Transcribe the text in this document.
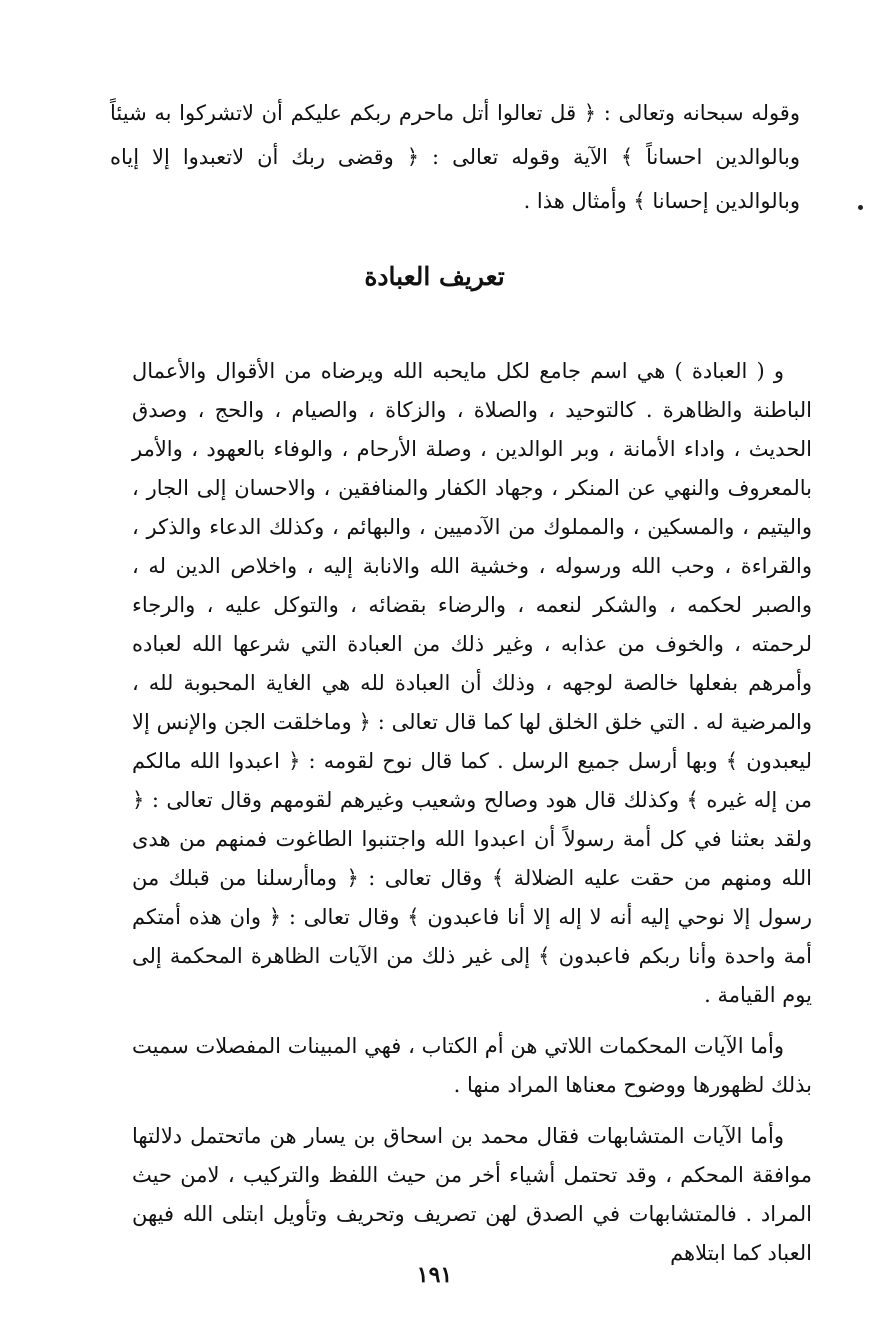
وقوله سبحانه وتعالى : ﴿ قل تعالوا أتل ماحرم ربكم عليكم أن لاتشركوا به شيئاً وبالوالدين احساناً ﴾ الآية وقوله تعالى : ﴿ وقضى ربك أن لاتعبدوا إلا إياه وبالوالدين إحسانا ﴾ وأمثال هذا .

تعريف العبادة

و ( العبادة ) هي اسم جامع لكل مايحبه الله ويرضاه من الأقوال والأعمال الباطنة والظاهرة . كالتوحيد ، والصلاة ، والزكاة ، والصيام ، والحج ، وصدق الحديث ، واداء الأمانة ، وبر الوالدين ، وصلة الأرحام ، والوفاء بالعهود ، والأمر بالمعروف والنهي عن المنكر ، وجهاد الكفار والمنافقين ، والاحسان إلى الجار ، واليتيم ، والمسكين ، والمملوك من الآدميين ، والبهائم ، وكذلك الدعاء والذكر ، والقراءة ، وحب الله ورسوله ، وخشية الله والانابة إليه ، واخلاص الدين له ، والصبر لحكمه ، والشكر لنعمه ، والرضاء بقضائه ، والتوكل عليه ، والرجاء لرحمته ، والخوف من عذابه ، وغير ذلك من العبادة التي شرعها الله لعباده وأمرهم بفعلها خالصة لوجهه ، وذلك أن العبادة لله هي الغاية المحبوبة لله ، والمرضية له . التي خلق الخلق لها كما قال تعالى : ﴿ وماخلقت الجن والإنس إلا ليعبدون ﴾ وبها أرسل جميع الرسل . كما قال نوح لقومه : ﴿ اعبدوا الله مالكم من إله غيره ﴾ وكذلك قال هود وصالح وشعيب وغيرهم لقومهم وقال تعالى : ﴿ ولقد بعثنا في كل أمة رسولاً أن اعبدوا الله واجتنبوا الطاغوت فمنهم من هدى الله ومنهم من حقت عليه الضلالة ﴾ وقال تعالى : ﴿ وماأرسلنا من قبلك من رسول إلا نوحي إليه أنه لا إله إلا أنا فاعبدون ﴾ وقال تعالى : ﴿ وان هذه أمتكم أمة واحدة وأنا ربكم فاعبدون ﴾ إلى غير ذلك من الآيات الظاهرة المحكمة إلى يوم القيامة .

وأما الآيات المحكمات اللاتي هن أم الكتاب ، فهي المبينات المفصلات سميت بذلك لظهورها ووضوح معناها المراد منها .

وأما الآيات المتشابهات فقال محمد بن اسحاق بن يسار هن ماتحتمل دلالتها موافقة المحكم ، وقد تحتمل أشياء أخر من حيث اللفظ والتركيب ، لامن حيث المراد . فالمتشابهات في الصدق لهن تصريف وتحريف وتأويل ابتلى الله فيهن العباد كما ابتلاهم

١٩١
